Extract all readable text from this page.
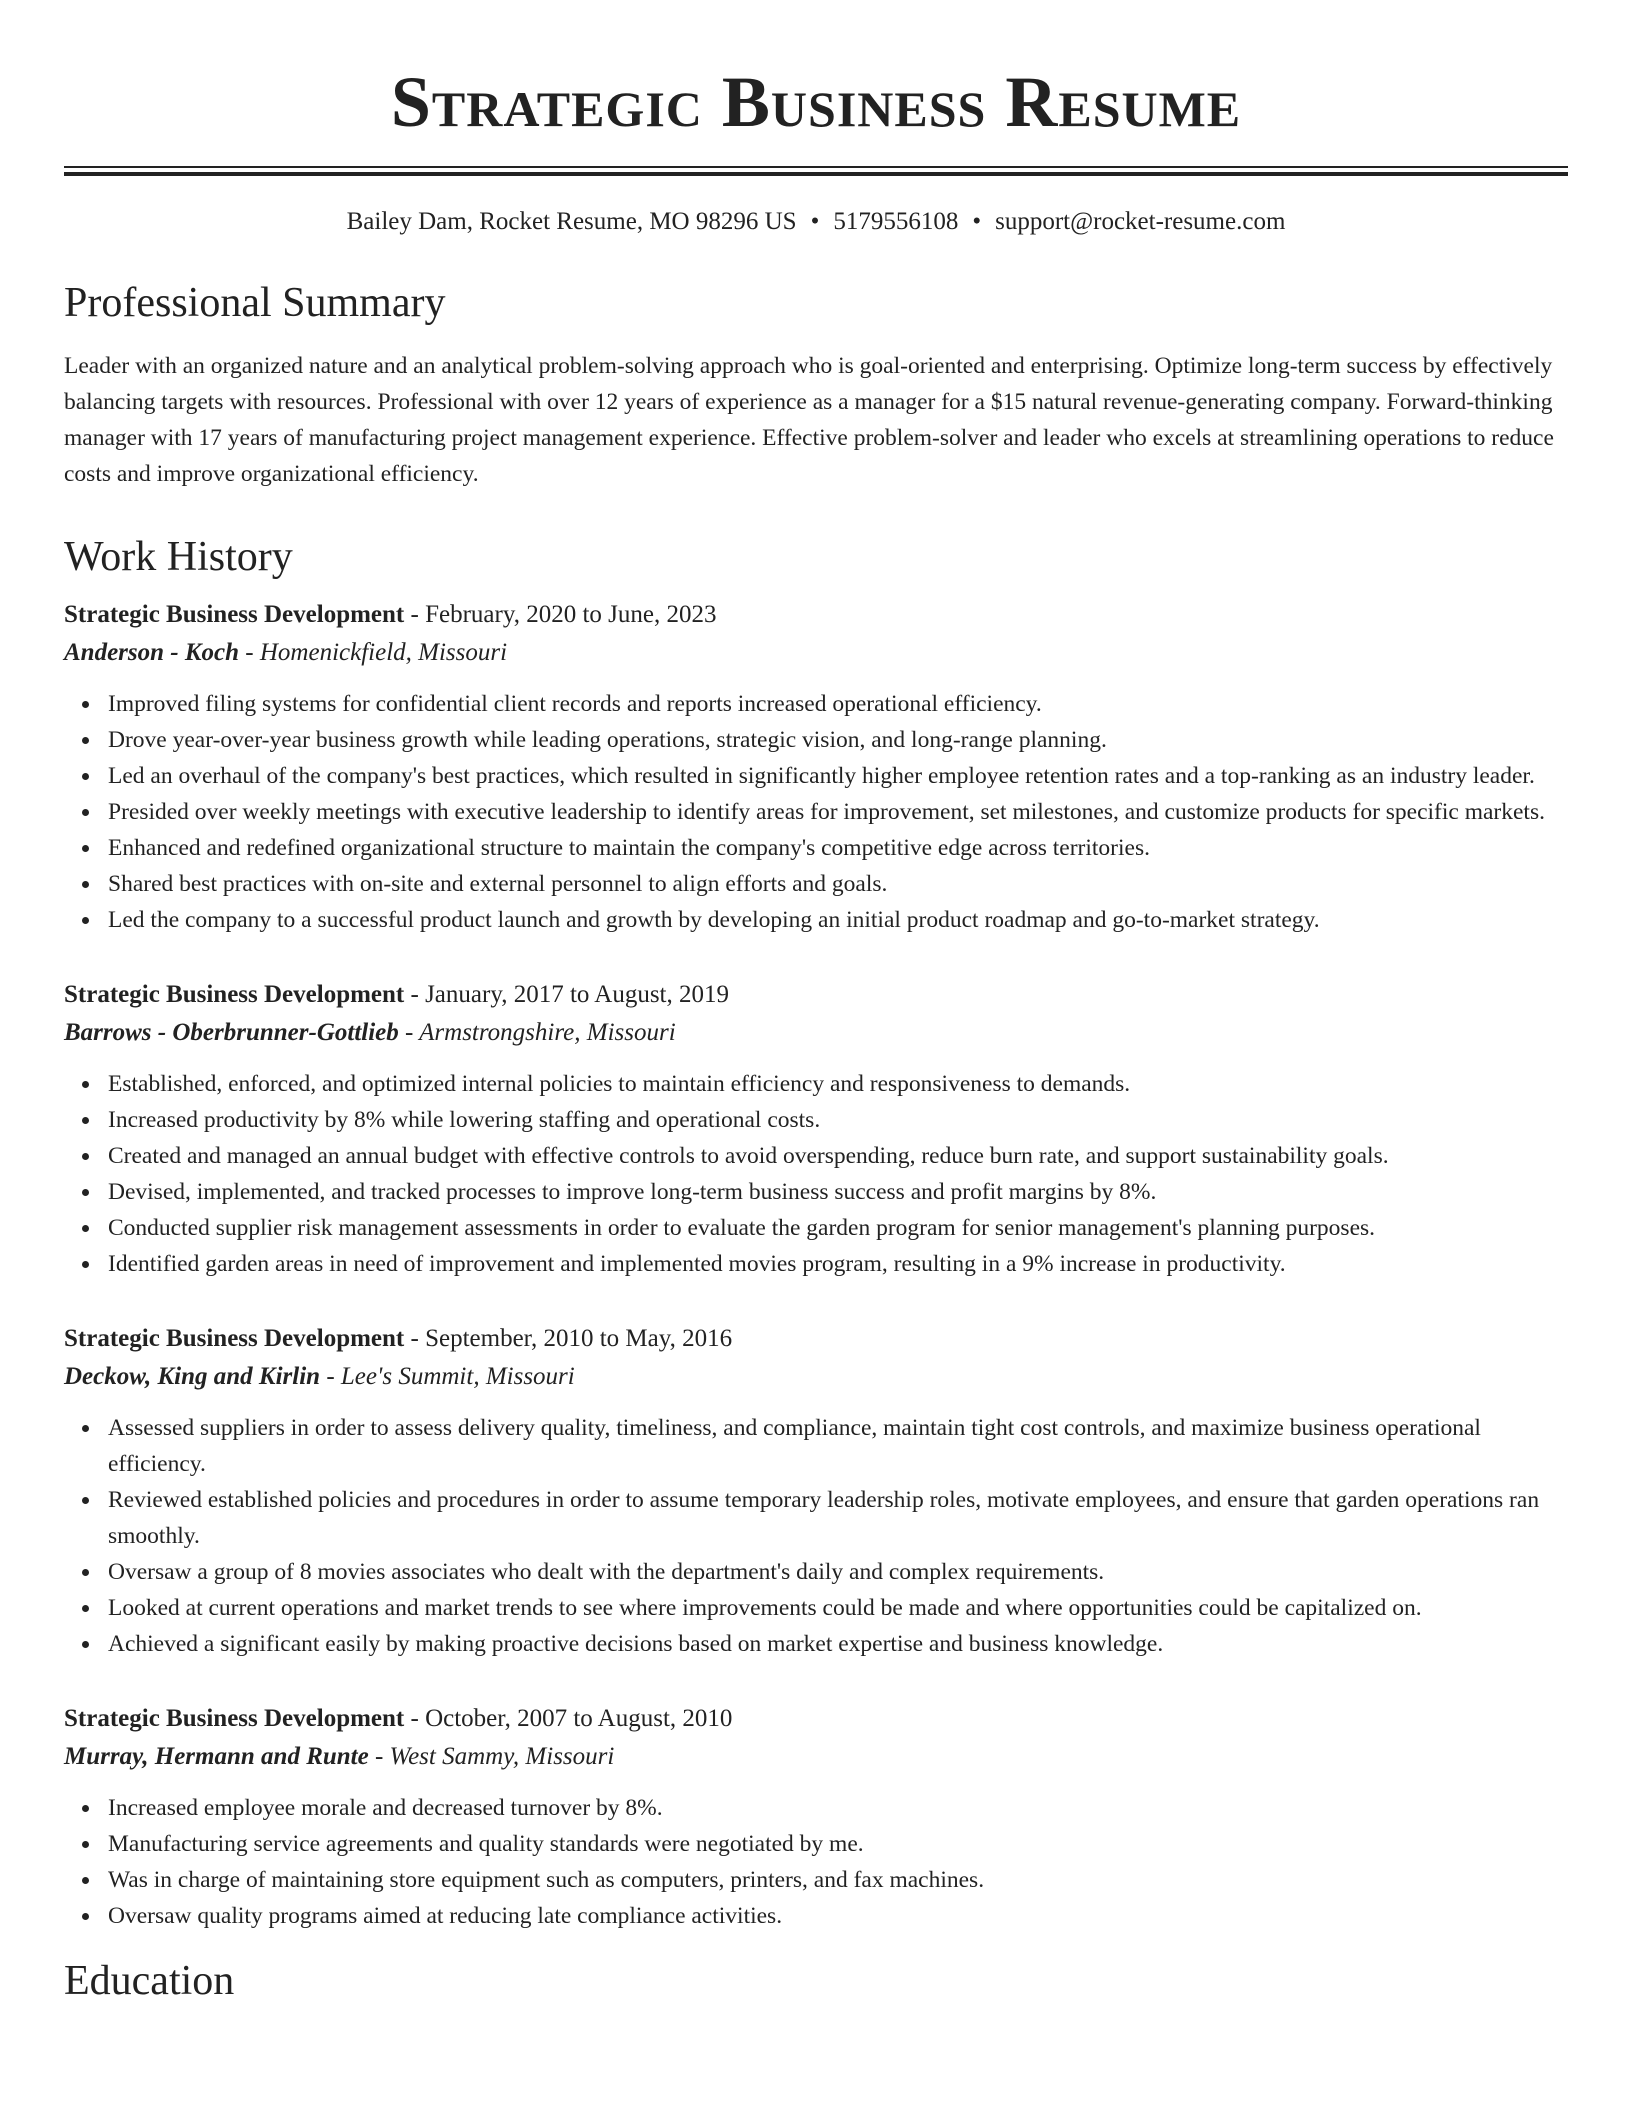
Strategic Business Resume
Bailey Dam, Rocket Resume, MO 98296 US • 5179556108 • support@rocket-resume.com
Professional Summary

Leader with an organized nature and an analytical problem-solving approach who is goal-oriented and enterprising. Optimize long-term success by effectively balancing targets with resources. Professional with over 12 years of experience as a manager for a $15 natural revenue-generating company. Forward-thinking manager with 17 years of manufacturing project management experience. Effective problem-solver and leader who excels at streamlining operations to reduce costs and improve organizational efficiency.

Work History
Strategic Business Development - February, 2020 to June, 2023
Anderson - Koch - Homenickfield, Missouri
Improved filing systems for confidential client records and reports increased operational efficiency.
Drove year-over-year business growth while leading operations, strategic vision, and long-range planning.
Led an overhaul of the company's best practices, which resulted in significantly higher employee retention rates and a top-ranking as an industry leader.
Presided over weekly meetings with executive leadership to identify areas for improvement, set milestones, and customize products for specific markets.
Enhanced and redefined organizational structure to maintain the company's competitive edge across territories.
Shared best practices with on-site and external personnel to align efforts and goals.
Led the company to a successful product launch and growth by developing an initial product roadmap and go-to-market strategy.
Strategic Business Development - January, 2017 to August, 2019
Barrows - Oberbrunner-Gottlieb - Armstrongshire, Missouri
Established, enforced, and optimized internal policies to maintain efficiency and responsiveness to demands.
Increased productivity by 8% while lowering staffing and operational costs.
Created and managed an annual budget with effective controls to avoid overspending, reduce burn rate, and support sustainability goals.
Devised, implemented, and tracked processes to improve long-term business success and profit margins by 8%.
Conducted supplier risk management assessments in order to evaluate the garden program for senior management's planning purposes.
Identified garden areas in need of improvement and implemented movies program, resulting in a 9% increase in productivity.
Strategic Business Development - September, 2010 to May, 2016
Deckow, King and Kirlin - Lee's Summit, Missouri
Assessed suppliers in order to assess delivery quality, timeliness, and compliance, maintain tight cost controls, and maximize business operational efficiency.
Reviewed established policies and procedures in order to assume temporary leadership roles, motivate employees, and ensure that garden operations ran smoothly.
Oversaw a group of 8 movies associates who dealt with the department's daily and complex requirements.
Looked at current operations and market trends to see where improvements could be made and where opportunities could be capitalized on.
Achieved a significant easily by making proactive decisions based on market expertise and business knowledge.
Strategic Business Development - October, 2007 to August, 2010
Murray, Hermann and Runte - West Sammy, Missouri
Increased employee morale and decreased turnover by 8%.
Manufacturing service agreements and quality standards were negotiated by me.
Was in charge of maintaining store equipment such as computers, printers, and fax machines.
Oversaw quality programs aimed at reducing late compliance activities.
Education
